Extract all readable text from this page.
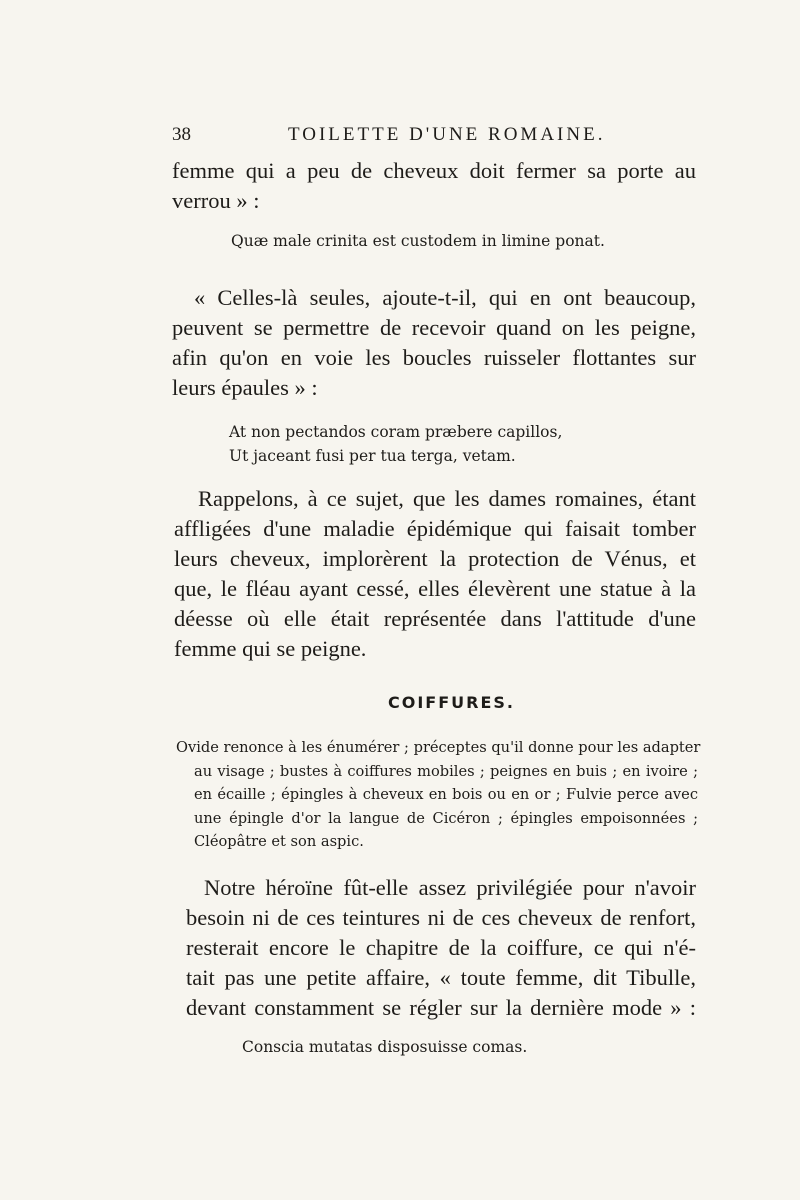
38	TOILETTE D'UNE ROMAINE.
femme qui a peu de cheveux doit fermer sa porte au
verrou » :
Quæ male crinita est custodem in limine ponat.
« Celles-là seules, ajoute-t-il, qui en ont beaucoup,
peuvent se permettre de recevoir quand on les peigne,
afin qu'on en voie les boucles ruisseler flottantes sur
leurs épaules » :
At non pectandos coram præbere capillos,
Ut jaceant fusi per tua terga, vetam.
Rappelons, à ce sujet, que les dames romaines, étant
affligées d'une maladie épidémique qui faisait tomber
leurs cheveux, implorèrent la protection de Vénus, et
que, le fléau ayant cessé, elles élevèrent une statue à la
déesse où elle était représentée dans l'attitude d'une
femme qui se peigne.
COIFFURES.
Ovide renonce à les énumérer ; préceptes qu'il donne pour les adapter
au visage ; bustes à coiffures mobiles ; peignes en buis ; en ivoire ;
en écaille ; épingles à cheveux en bois ou en or ; Fulvie perce avec
une épingle d'or la langue de Cicéron ; épingles empoisonnées ;
Cléopâtre et son aspic.
Notre héroïne fût-elle assez privilégiée pour n'avoir
besoin ni de ces teintures ni de ces cheveux de renfort,
resterait encore le chapitre de la coiffure, ce qui n'é-
tait pas une petite affaire, « toute femme, dit Tibulle,
devant constamment se régler sur la dernière mode » :
Conscia mutatas disposuisse comas.
